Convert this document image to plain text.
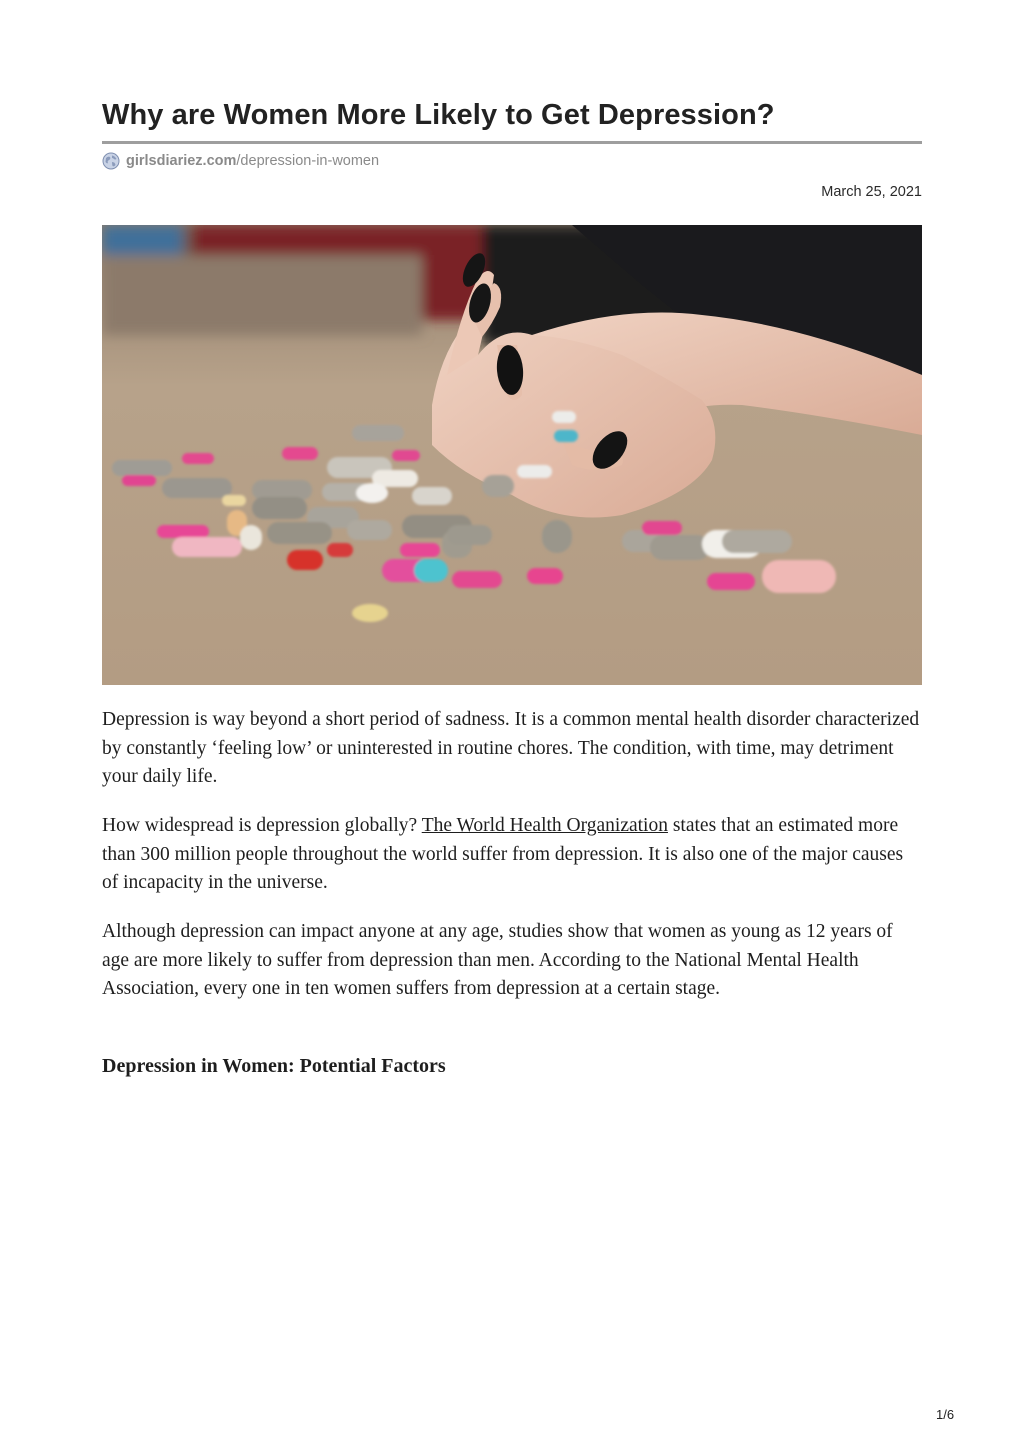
Why are Women More Likely to Get Depression?
girlsdiariez.com /depression-in-women
March 25, 2021

Depression is way beyond a short period of sadness. It is a common mental health disorder characterized by constantly ‘feeling low’ or uninterested in routine chores. The condition, with time, may detriment your daily life.

How widespread is depression globally? The World Health Organization states that an estimated more than 300 million people throughout the world suffer from depression. It is also one of the major causes of incapacity in the universe.

Although depression can impact anyone at any age, studies show that women as young as 12 years of age are more likely to suffer from depression than men. According to the National Mental Health Association, every one in ten women suffers from depression at a certain stage.

Depression in Women: Potential Factors
1/6
